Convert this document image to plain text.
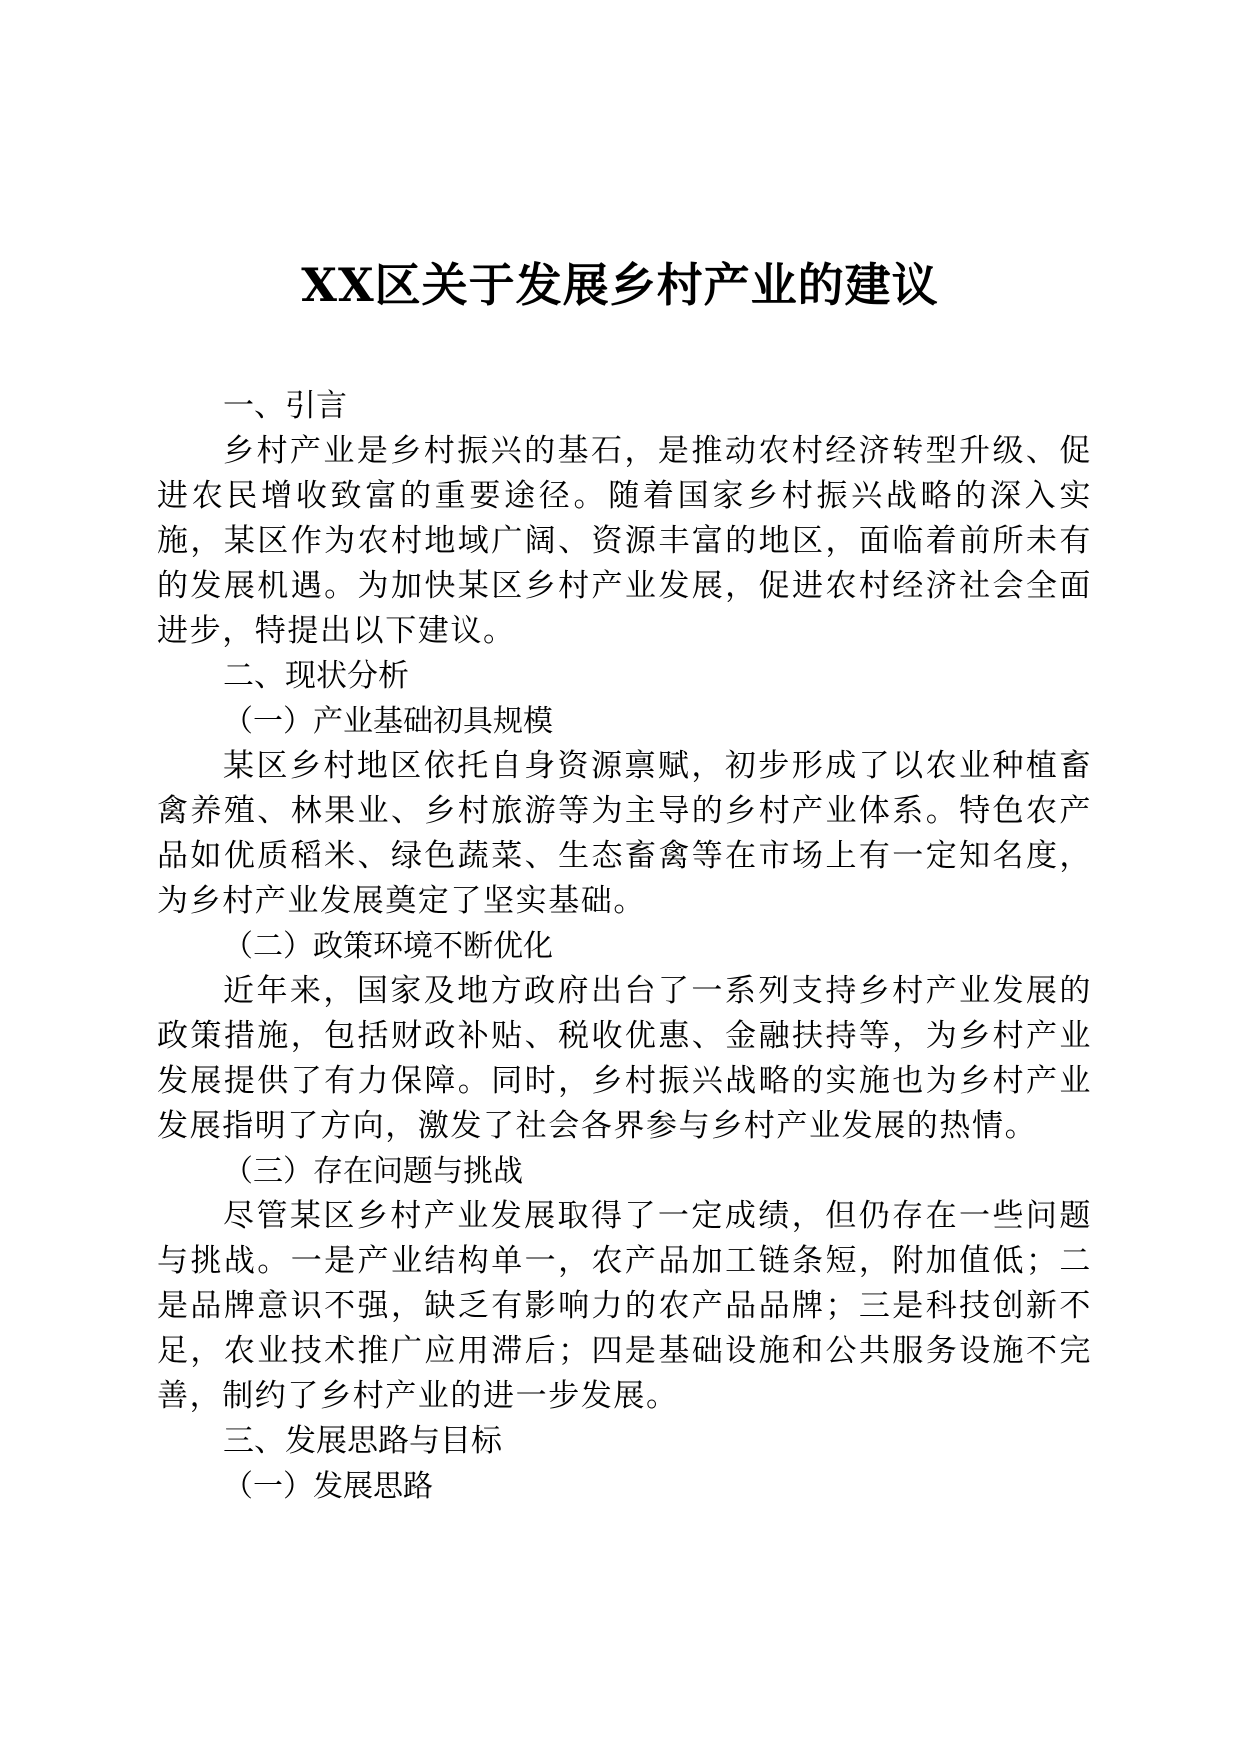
XX区关于发展乡村产业的建议

一、引言

乡村产业是乡村振兴的基石，是推动农村经济转型升级、促进农民增收致富的重要途径。随着国家乡村振兴战略的深入实施，某区作为农村地域广阔、资源丰富的地区，面临着前所未有的发展机遇。为加快某区乡村产业发展，促进农村经济社会全面进步，特提出以下建议。

二、现状分析

（一）产业基础初具规模

某区乡村地区依托自身资源禀赋，初步形成了以农业种植畜禽养殖、林果业、乡村旅游等为主导的乡村产业体系。特色农产品如优质稻米、绿色蔬菜、生态畜禽等在市场上有一定知名度，为乡村产业发展奠定了坚实基础。

（二）政策环境不断优化

近年来，国家及地方政府出台了一系列支持乡村产业发展的政策措施，包括财政补贴、税收优惠、金融扶持等，为乡村产业发展提供了有力保障。同时，乡村振兴战略的实施也为乡村产业发展指明了方向，激发了社会各界参与乡村产业发展的热情。

（三）存在问题与挑战

尽管某区乡村产业发展取得了一定成绩，但仍存在一些问题与挑战。一是产业结构单一，农产品加工链条短，附加值低；二是品牌意识不强，缺乏有影响力的农产品品牌；三是科技创新不足，农业技术推广应用滞后；四是基础设施和公共服务设施不完善，制约了乡村产业的进一步发展。

三、发展思路与目标

（一）发展思路
